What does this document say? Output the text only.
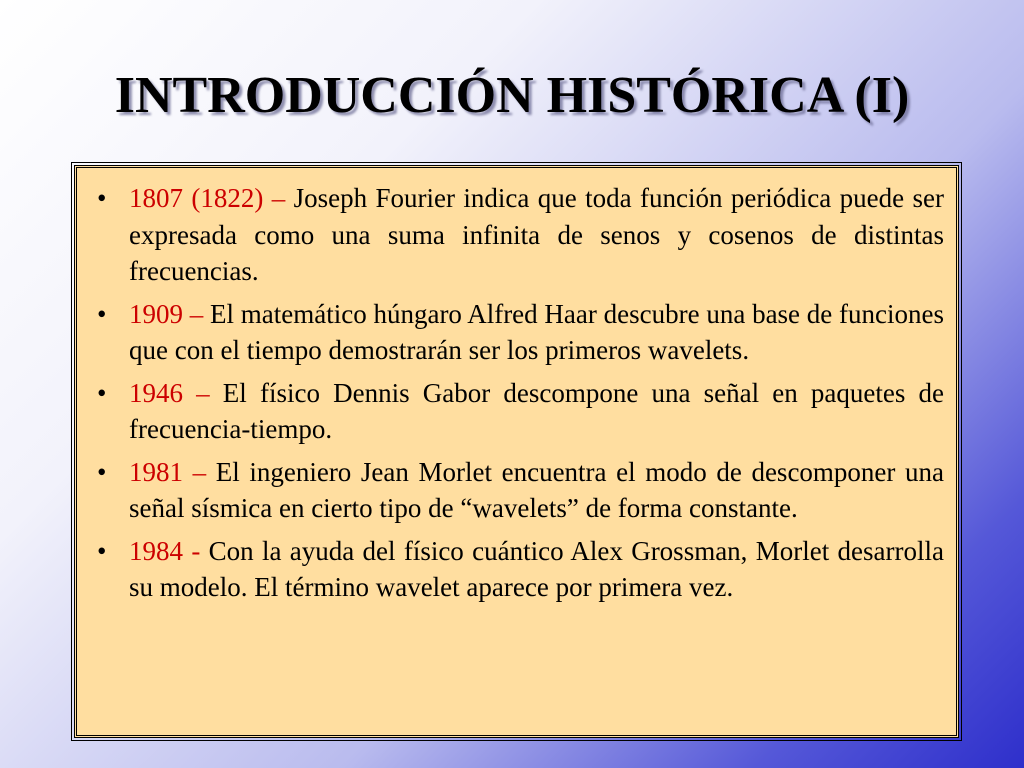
INTRODUCCIÓN HISTÓRICA (I)
• 1807 (1822) – Joseph Fourier indica que toda función periódica puede ser expresada como una suma infinita de senos y cosenos de distintas frecuencias.
• 1909 – El matemático húngaro Alfred Haar descubre una base de funciones que con el tiempo demostrarán ser los primeros wavelets.
• 1946 – El físico Dennis Gabor descompone una señal en paquetes de frecuencia-tiempo.
• 1981 – El ingeniero Jean Morlet encuentra el modo de descomponer una señal sísmica en cierto tipo de “wavelets” de forma constante.
• 1984 - Con la ayuda del físico cuántico Alex Grossman, Morlet desarrolla su modelo. El término wavelet aparece por primera vez.
